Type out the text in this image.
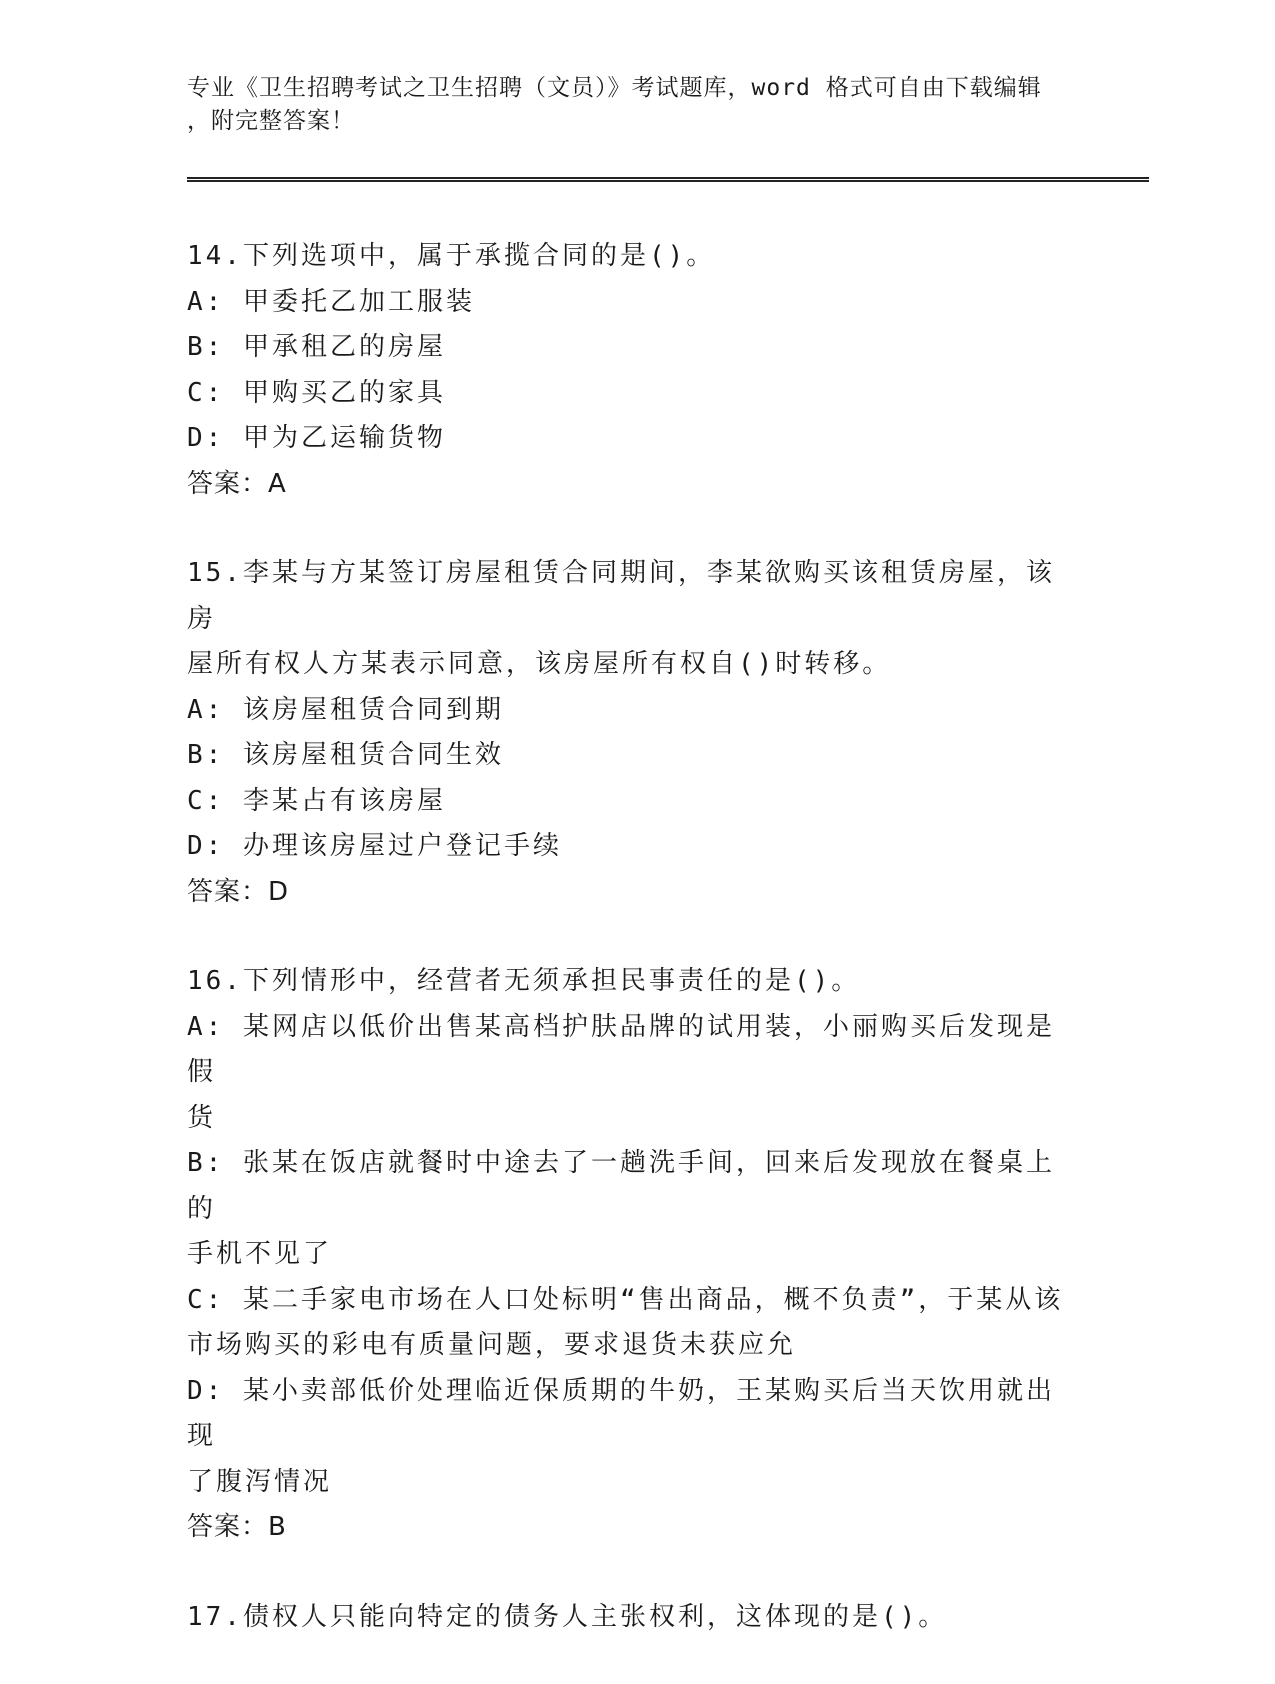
专业《卫生招聘考试之卫生招聘（文员）》考试题库，word 格式可自由下载编辑
，附完整答案！
14.下列选项中，属于承揽合同的是()。
A: 甲委托乙加工服装
B: 甲承租乙的房屋
C: 甲购买乙的家具
D: 甲为乙运输货物
答案：A
15.李某与方某签订房屋租赁合同期间，李某欲购买该租赁房屋，该房
屋所有权人方某表示同意，该房屋所有权自()时转移。
A: 该房屋租赁合同到期
B: 该房屋租赁合同生效
C: 李某占有该房屋
D: 办理该房屋过户登记手续
答案：D
16.下列情形中，经营者无须承担民事责任的是()。
A: 某网店以低价出售某高档护肤品牌的试用装，小丽购买后发现是假
货
B: 张某在饭店就餐时中途去了一趟洗手间，回来后发现放在餐桌上的
手机不见了
C: 某二手家电市场在人口处标明“售出商品，概不负责”，于某从该
市场购买的彩电有质量问题，要求退货未获应允
D: 某小卖部低价处理临近保质期的牛奶，王某购买后当天饮用就出现
了腹泻情况
答案：B
17.债权人只能向特定的债务人主张权利，这体现的是()。
